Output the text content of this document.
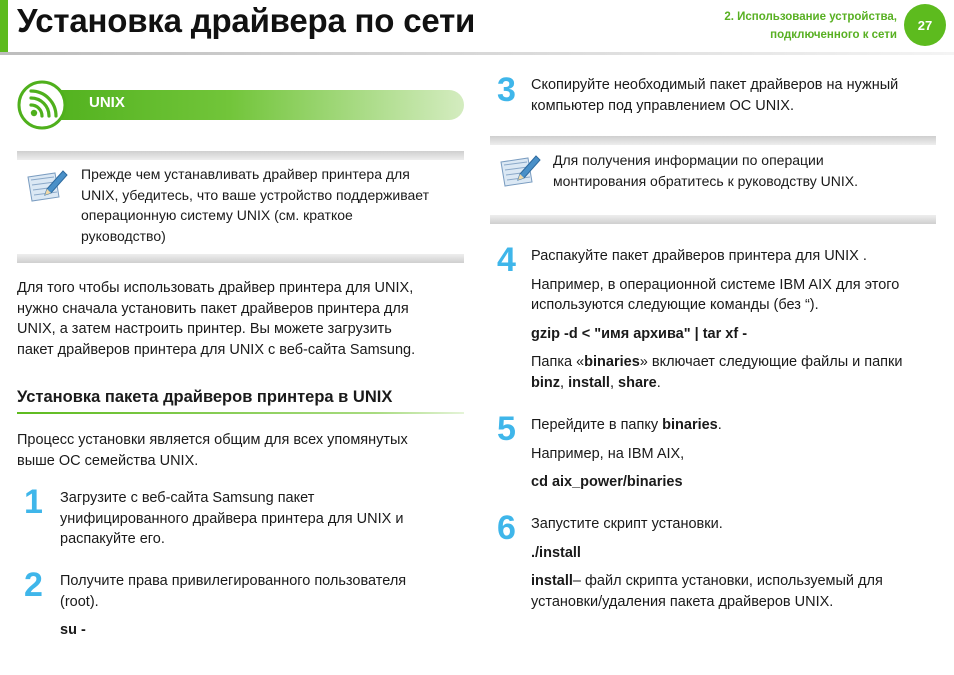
Установка драйвера по сети	2. Использование устройства,
подключенного к сети
27
UNIX
Прежде чем устанавливать драйвер принтера для
UNIX, убедитесь, что ваше устройство поддерживает
операционную систему UNIX (см. краткое
руководство)
Для того чтобы использовать драйвер принтера для UNIX,
нужно сначала установить пакет драйверов принтера для
UNIX, а затем настроить принтер. Вы можете загрузить
пакет драйверов принтера для UNIX с веб-сайта Samsung.
Установка пакета драйверов принтера в UNIX
Процесс установки является общим для всех упомянутых
выше ОС семейства UNIX.
1 Загрузите с веб-сайта Samsung пакет
унифицированного драйвера принтера для UNIX и
распакуйте его.
2 Получите права привилегированного пользователя
(root).
su -
3 Скопируйте необходимый пакет драйверов на нужный
компьютер под управлением ОС UNIX.
Для получения информации по операции
монтирования обратитесь к руководству UNIX.
4 Распакуйте пакет драйверов принтера для UNIX .
Например, в операционной системе IBM AIX для этого
используются следующие команды (без “).
gzip -d < "имя архива" | tar xf -
Папка «binaries» включает следующие файлы и папки
binz, install, share.
5 Перейдите в папку binaries.
Например, на IBM AIX,
cd aix_power/binaries
6 Запустите скрипт установки.
./install
install– файл скрипта установки, используемый для
установки/удаления пакета драйверов UNIX.
